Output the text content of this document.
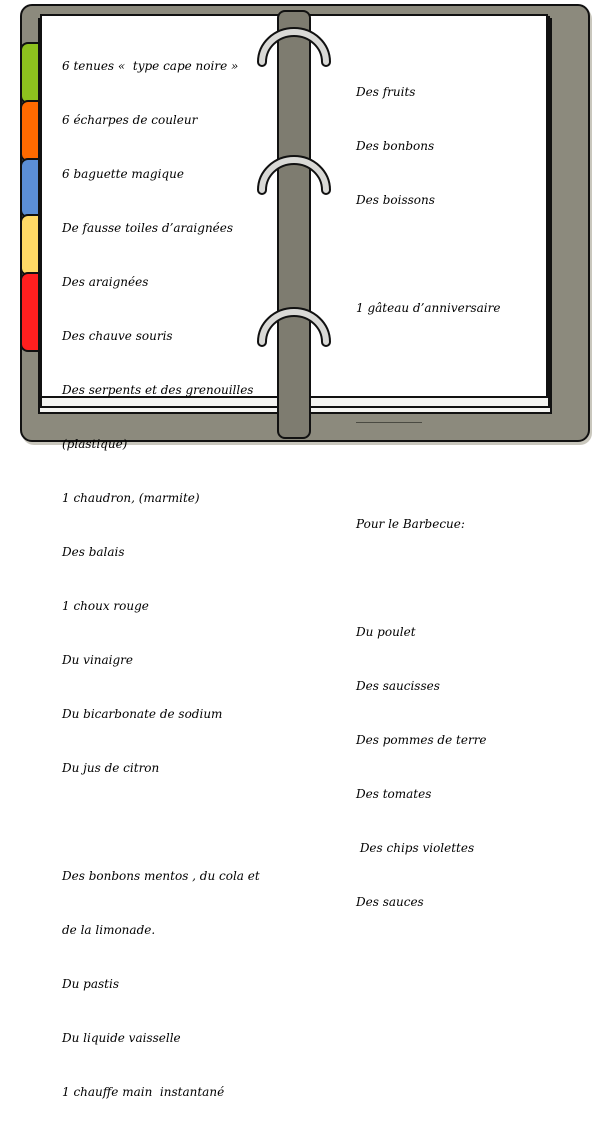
6 tenues «  type cape noire »

6 écharpes de couleur

6 baguette magique

De fausse toiles d’araignées

Des araignées

Des chauve souris

Des serpents et des grenouilles

(plastique)

1 chaudron, (marmite)

Des balais

1 choux rouge

Du vinaigre

Du bicarbonate de sodium

Du jus de citron

Des bonbons mentos , du cola et

de la limonade.

Du pastis

Du liquide vaisselle

1 chauffe main  instantané

Des fruits

Des bonbons

Des boissons

1 gâteau d’anniversaire

___________

Pour le Barbecue:

Du poulet

Des saucisses

Des pommes de terre

Des tomates

Des chips violettes

Des sauces
